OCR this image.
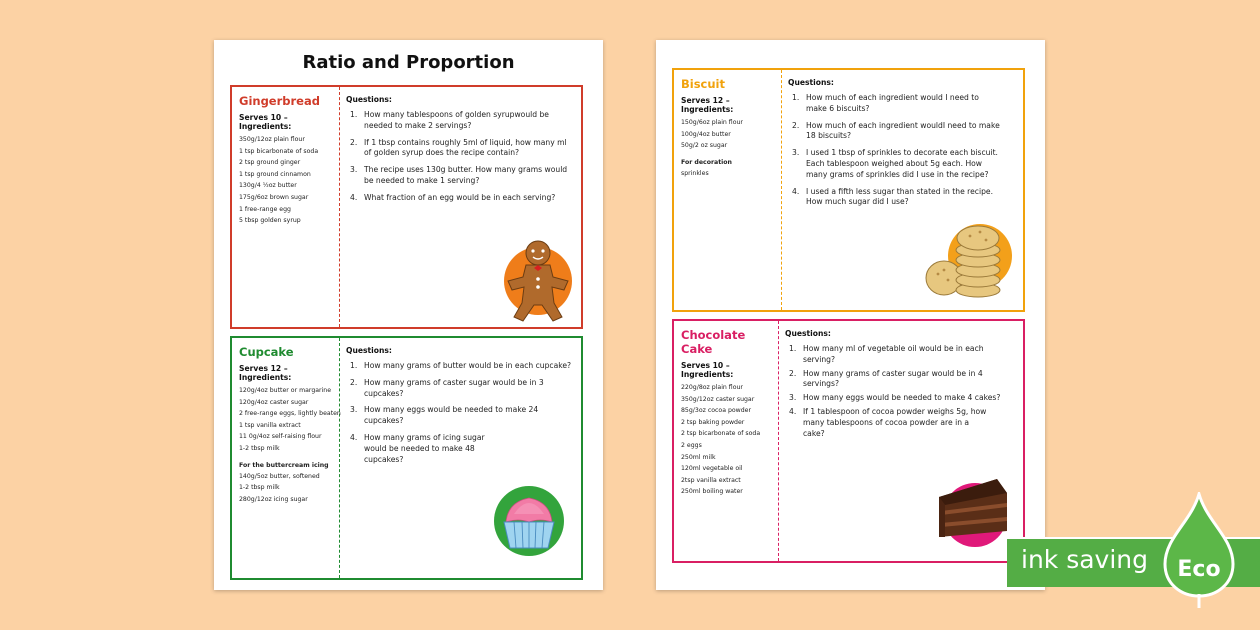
Ratio and Proportion
Gingerbread
Serves 10 – Ingredients:
350g/12oz plain flour
1 tsp bicarbonate of soda
2 tsp ground ginger
1 tsp ground cinnamon
130g/4 ½oz butter
175g/6oz brown sugar
1 free-range egg
5 tbsp golden syrup
Questions:
1. How many tablespoons of golden syrupwould be needed to make 2 servings?
2. If 1 tbsp contains roughly 5ml of liquid, how many ml of golden syrup does the recipe contain?
3. The recipe uses 130g butter. How many grams would be needed to make 1 serving?
4. What fraction of an egg would be in each serving?
Cupcake
Serves 12 – Ingredients:
120g/4oz butter or margarine
120g/4oz caster sugar
2 free-range eggs, lightly beaten
1 tsp vanilla extract
11 0g/4oz self-raising flour
1-2 tbsp milk
For the buttercream icing
140g/5oz butter, softened
1-2 tbsp milk
280g/12oz icing sugar
Questions:
1. How many grams of butter would be in each cupcake?
2. How many grams of caster sugar would be in 3 cupcakes?
3. How many eggs would be needed to make 24 cupcakes?
4. How many grams of icing sugar would be needed to make 48 cupcakes?
Biscuit
Serves 12 – Ingredients:
150g/6oz plain flour
100g/4oz butter
50g/2 oz sugar
For decoration
sprinkles
Questions:
1. How much of each ingredient would I need to make 6 biscuits?
2. How much of each ingredient wouldI need to make 18 biscuits?
3. I used 1 tbsp of sprinkles to decorate each biscuit. Each tablespoon weighed about 5g each. How many grams of sprinkles did I use in the recipe?
4. I used a fifth less sugar than stated in the recipe. How much sugar did I use?
Chocolate Cake
Serves 10 – Ingredients:
220g/8oz plain flour
350g/12oz caster sugar
85g/3oz cocoa powder
2 tsp baking powder
2 tsp bicarbonate of soda
2 eggs
250ml milk
120ml vegetable oil
2tsp vanilla extract
250ml boiling water
Questions:
1. How many ml of vegetable oil would be in each serving?
2. How many grams of caster sugar would be in 4 servings?
3. How many eggs would be needed to make 4 cakes?
4. If 1 tablespoon of cocoa powder weighs 5g, how many tablespoons of cocoa powder are in a cake?
ink saving Eco
